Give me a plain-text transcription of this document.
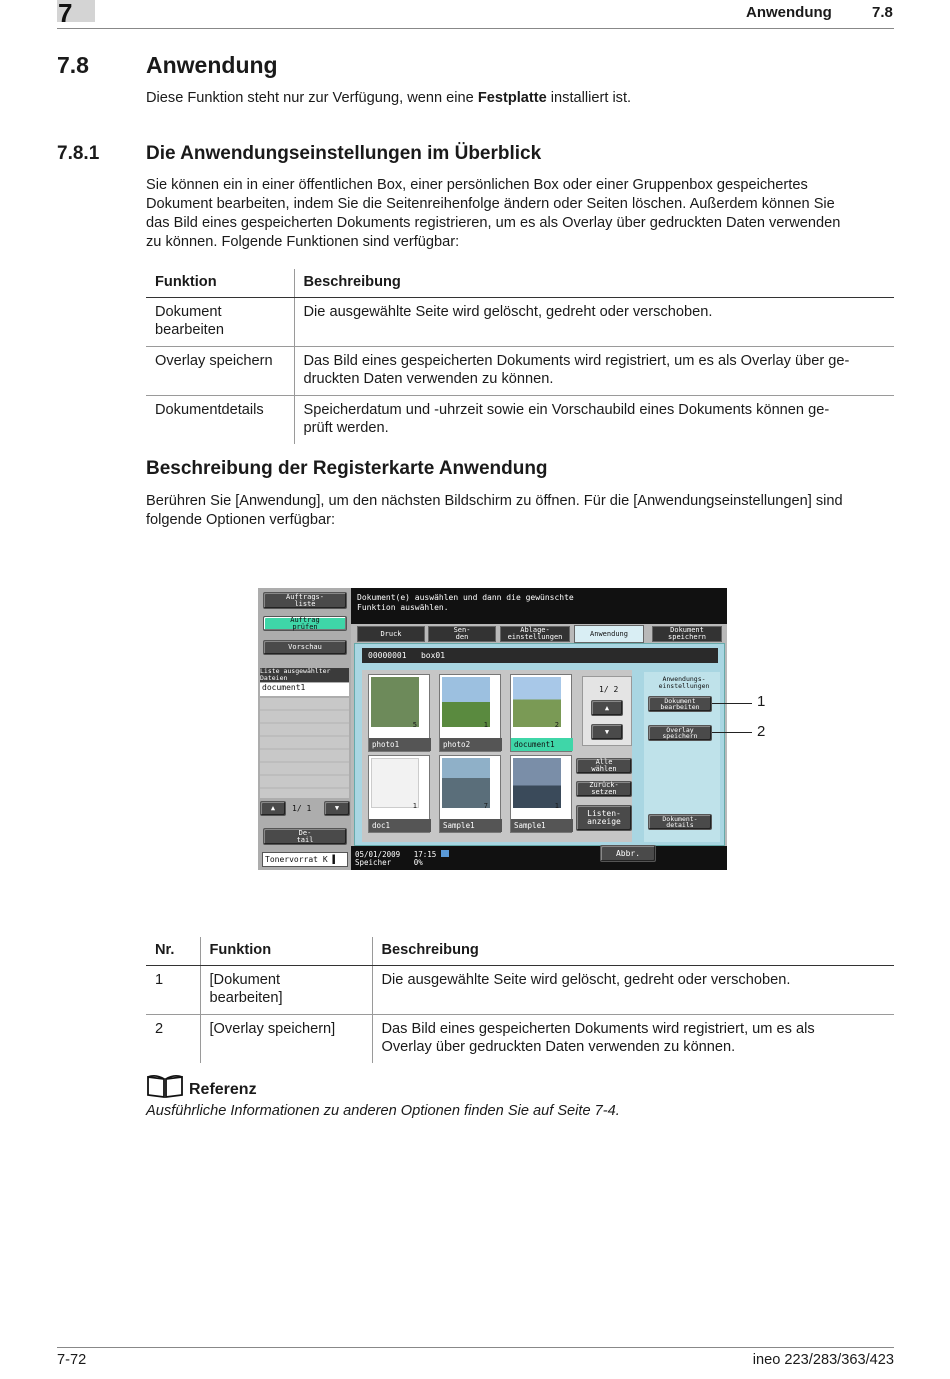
7	Anwendung	7.8
7.8 Anwendung
Diese Funktion steht nur zur Verfügung, wenn eine Festplatte installiert ist.
7.8.1 Die Anwendungseinstellungen im Überblick
Sie können ein in einer öffentlichen Box, einer persönlichen Box oder einer Gruppenbox gespeichertes
Dokument bearbeiten, indem Sie die Seitenreihenfolge ändern oder Seiten löschen. Außerdem können Sie
das Bild eines gespeicherten Dokuments registrieren, um es als Overlay über gedruckten Daten verwenden
zu können. Folgende Funktionen sind verfügbar:
Funktion	Beschreibung

Dokument
bearbeiten	Die ausgewählte Seite wird gelöscht, gedreht oder verschoben.

Overlay speichern	Das Bild eines gespeicherten Dokuments wird registriert, um es als Overlay über ge-
druckten Daten verwenden zu können.

Dokumentdetails	Speicherdatum und -uhrzeit sowie ein Vorschaubild eines Dokuments können ge-
prüft werden.
Beschreibung der Registerkarte Anwendung
Berühren Sie [Anwendung], um den nächsten Bildschirm zu öffnen. Für die [Anwendungseinstellungen] sind
folgende Optionen verfügbar:
Auftrags-
liste
Auftrag
prüfen
Vorschau
Liste ausgewählter
Dateien
document1
▲	1/ 1	▼
De-
tail
Tonervorrat K ▌
Dokument(e) auswählen und dann die gewünschte
Funktion auswählen.
Druck	Sen-
den
Ablage-
einstellungen	Anwendung	Dokument
speichern
00000001   box01
5
photo1
1
photo2
2
document1
1
doc1
7
Sample1
1
Sample1
1/ 2
▲
▼
Alle
wählen
Zurück-
setzen
Listen-
anzeige
Anwendungs-
einstellungen
Dokument
bearbeiten
Overlay
speichern
Dokument-
details
05/01/2009 17:15
Speicher	0%
Abbr.
1
2
Nr.	Funktion	Beschreibung
1	[Dokument
bearbeiten]	Die ausgewählte Seite wird gelöscht, gedreht oder verschoben.

2	[Overlay speichern]	Das Bild eines gespeicherten Dokuments wird registriert, um es als
Overlay über gedruckten Daten verwenden zu können.
Referenz
Ausführliche Informationen zu anderen Optionen finden Sie auf Seite 7-4.
7-72	ineo 223/283/363/423
